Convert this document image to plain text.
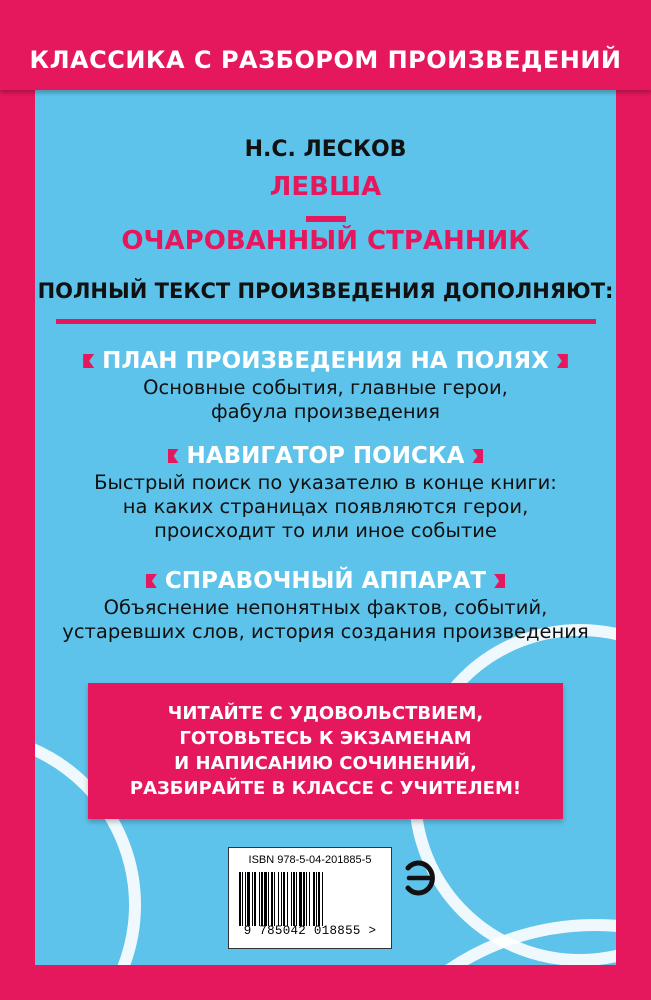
КЛАССИКА С РАЗБОРОМ ПРОИЗВЕДЕНИЙ
Н.С. ЛЕСКОВ
ЛЕВША
ОЧАРОВАННЫЙ СТРАННИК
ПОЛНЫЙ ТЕКСТ ПРОИЗВЕДЕНИЯ ДОПОЛНЯЮТ:
ПЛАН ПРОИЗВЕДЕНИЯ НА ПОЛЯХ
Основные события, главные герои,
фабула произведения
НАВИГАТОР ПОИСКА
Быстрый поиск по указателю в конце книги:
на каких страницах появляются герои,
происходит то или иное событие
СПРАВОЧНЫЙ АППАРАТ
Объяснение непонятных фактов, событий,
устаревших слов, история создания произведения
ЧИТАЙТЕ С УДОВОЛЬСТВИЕМ,
ГОТОВЬТЕСЬ К ЭКЗАМЕНАМ
И НАПИСАНИЮ СОЧИНЕНИЙ,
РАЗБИРАЙТЕ В КЛАССЕ С УЧИТЕЛЕМ!
ISBN 978-5-04-201885-5
9 785042 018855 >
